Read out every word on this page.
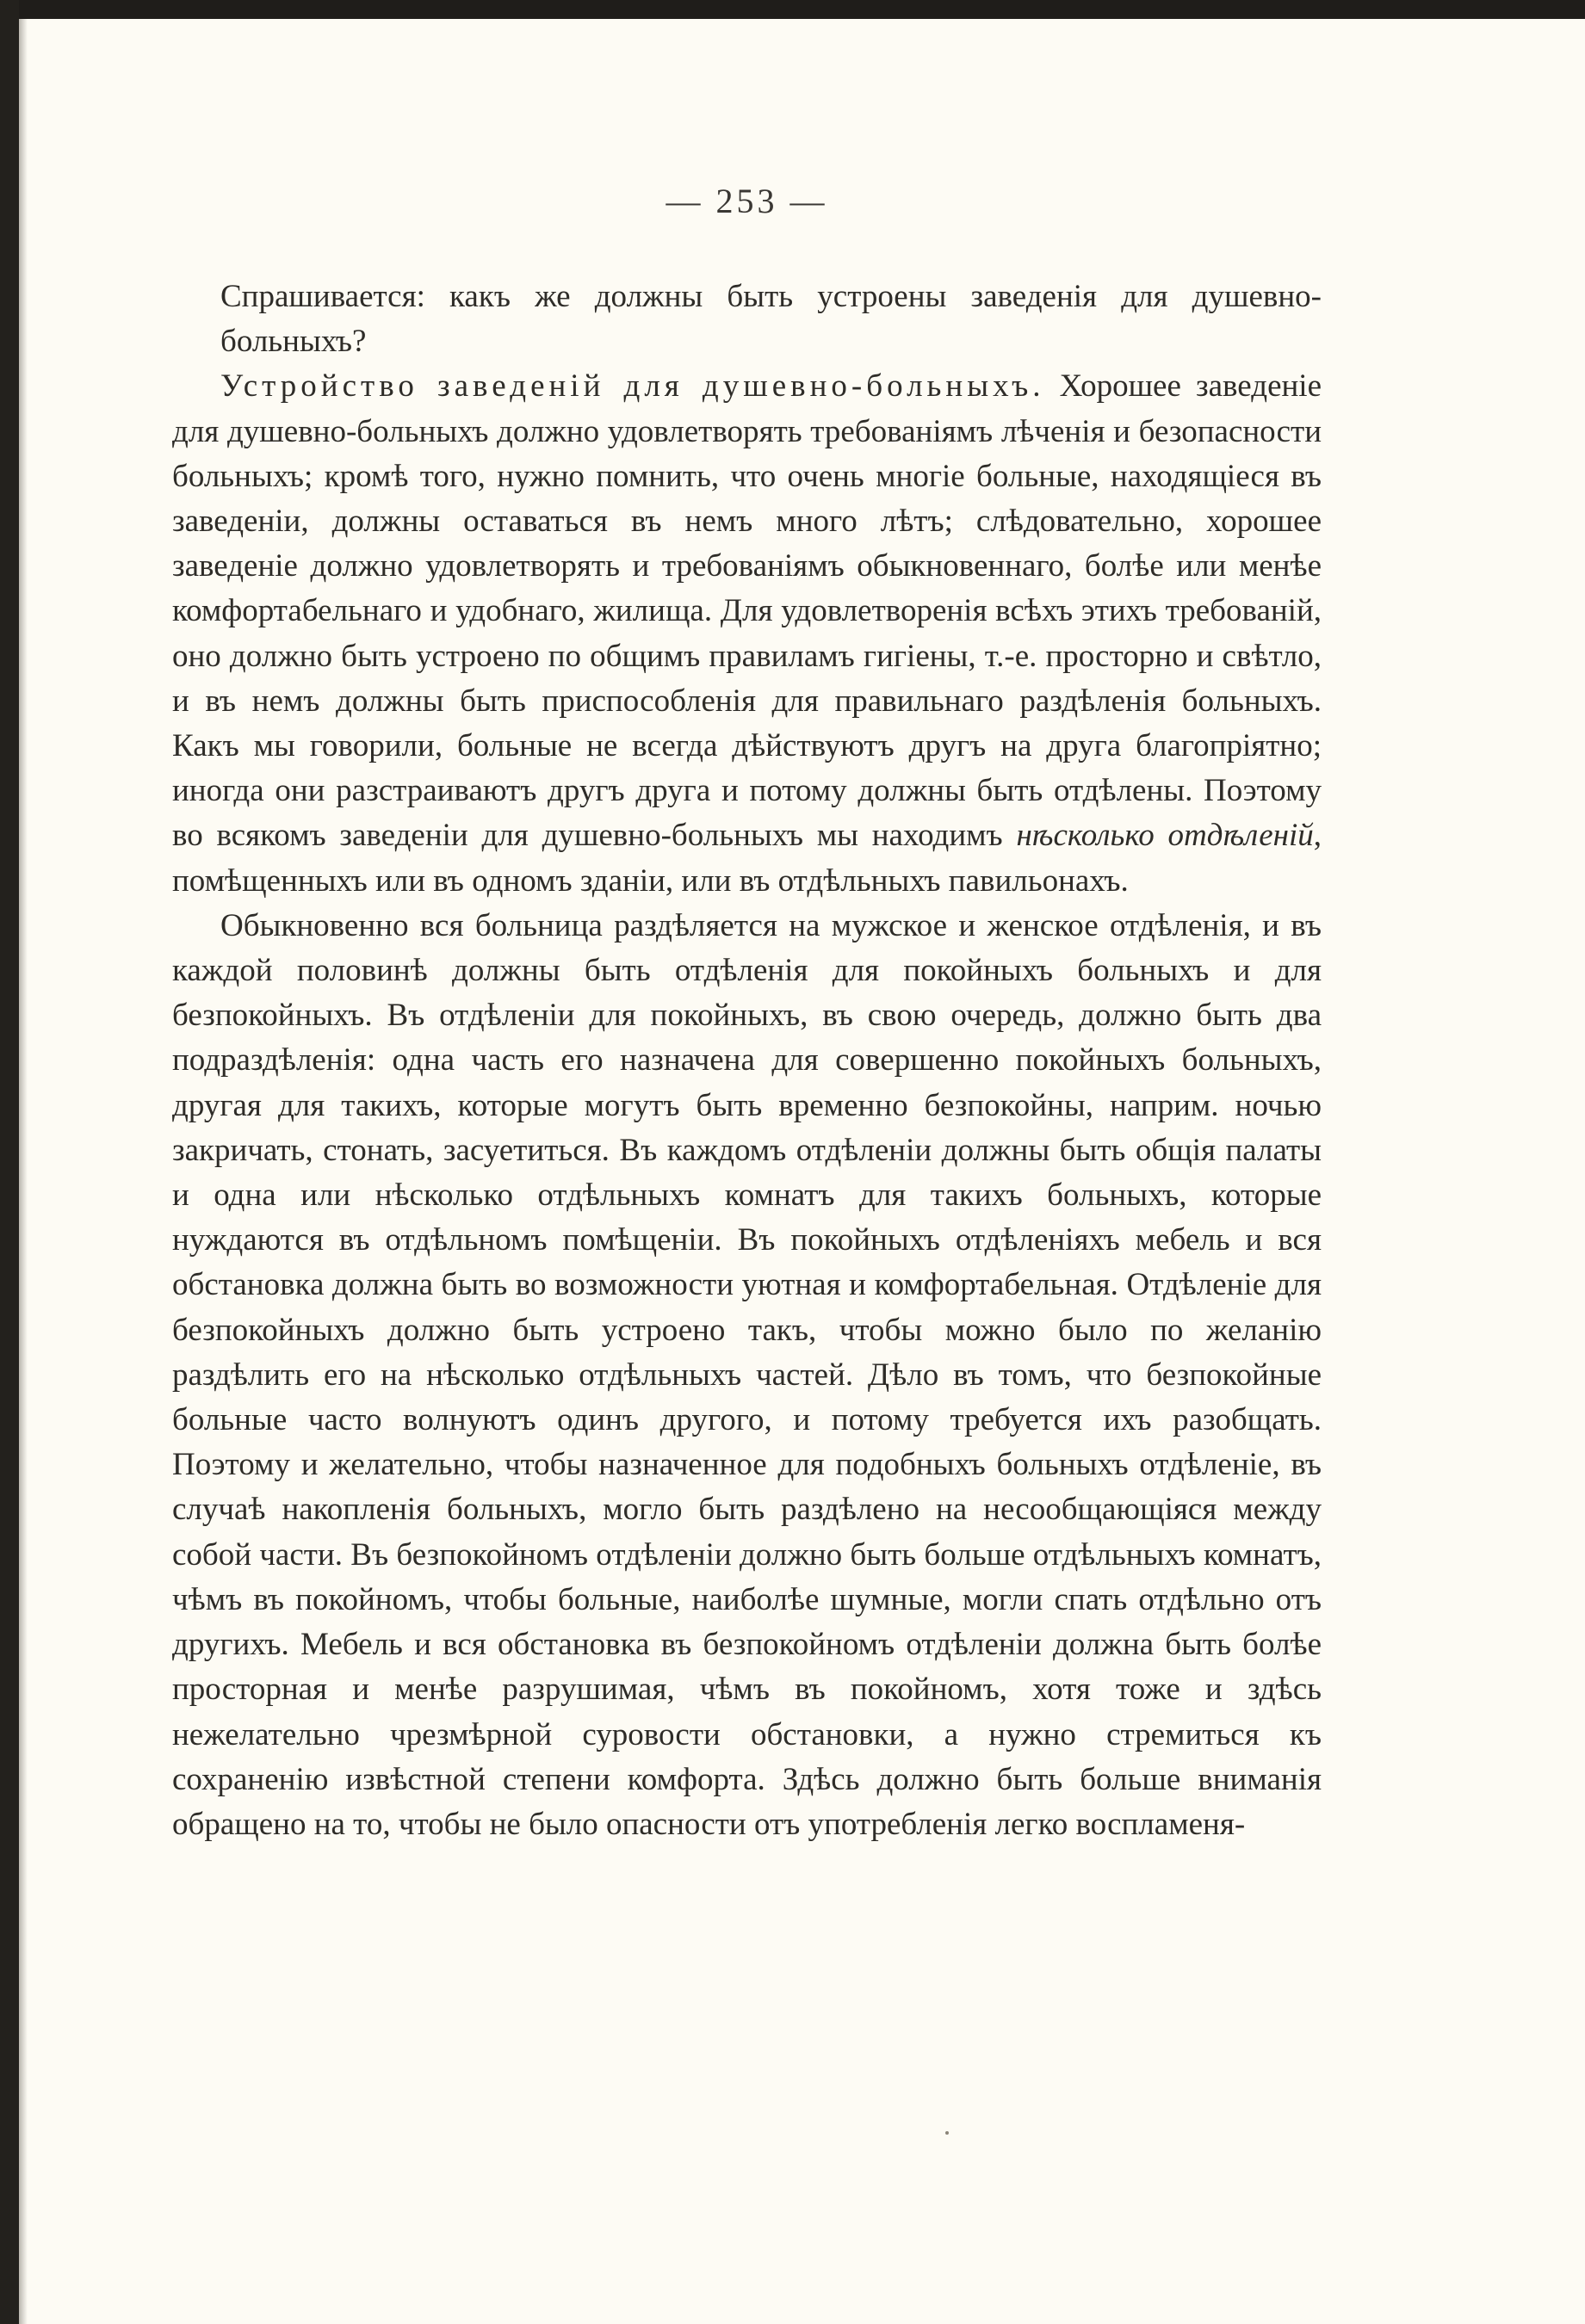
— 253 —

Спрашивается: какъ же должны быть устроены заведенія для душевно-больныхъ?

Устройство заведеній для душевно-больныхъ. Хорошее заведеніе для душевно-больныхъ должно удовлетворять требованіямъ лѣченія и безопасности больныхъ; кромѣ того, нужно помнить, что очень многіе больные, находящіеся въ заведеніи, должны оставаться въ немъ много лѣтъ; слѣдовательно, хорошее заведеніе должно удовлетворять и требованіямъ обыкновеннаго, болѣе или менѣе комфортабельнаго и удобнаго, жилища. Для удовлетворенія всѣхъ этихъ требованій, оно должно быть устроено по общимъ правиламъ гигіены, т.-е. просторно и свѣтло, и въ немъ должны быть приспособленія для правильнаго раздѣленія больныхъ. Какъ мы говорили, больные не всегда дѣйствуютъ другъ на друга благопріятно; иногда они разстраиваютъ другъ друга и потому должны быть отдѣлены. Поэтому во всякомъ заведеніи для душевно-больныхъ мы находимъ нѣсколько отдѣленій, помѣщенныхъ или въ одномъ зданіи, или въ отдѣльныхъ павильонахъ.

Обыкновенно вся больница раздѣляется на мужское и женское отдѣленія, и въ каждой половинѣ должны быть отдѣленія для покойныхъ больныхъ и для безпокойныхъ. Въ отдѣленіи для покойныхъ, въ свою очередь, должно быть два подраздѣленія: одна часть его назначена для совершенно покойныхъ больныхъ, другая для такихъ, которые могутъ быть временно безпокойны, наприм. ночью закричать, стонать, засуетиться. Въ каждомъ отдѣленіи должны быть общія палаты и одна или нѣсколько отдѣльныхъ комнатъ для такихъ больныхъ, которые нуждаются въ отдѣльномъ помѣщеніи. Въ покойныхъ отдѣленіяхъ мебель и вся обстановка должна быть во возможности уютная и комфортабельная. Отдѣленіе для безпокойныхъ должно быть устроено такъ, чтобы можно было по желанію раздѣлить его на нѣсколько отдѣльныхъ частей. Дѣло въ томъ, что безпокойные больные часто волнуютъ одинъ другого, и потому требуется ихъ разобщать. Поэтому и желательно, чтобы назначенное для подобныхъ больныхъ отдѣленіе, въ случаѣ накопленія больныхъ, могло быть раздѣлено на несообщающіяся между собой части. Въ безпокойномъ отдѣленіи должно быть больше отдѣльныхъ комнатъ, чѣмъ въ покойномъ, чтобы больные, наиболѣе шумные, могли спать отдѣльно отъ другихъ. Мебель и вся обстановка въ безпокойномъ отдѣленіи должна быть болѣе просторная и менѣе разрушимая, чѣмъ въ покойномъ, хотя тоже и здѣсь нежелательно чрезмѣрной суровости обстановки, а нужно стремиться къ сохраненію извѣстной степени комфорта. Здѣсь должно быть больше вниманія обращено на то, чтобы не было опасности отъ употребленія легко воспламеня-
